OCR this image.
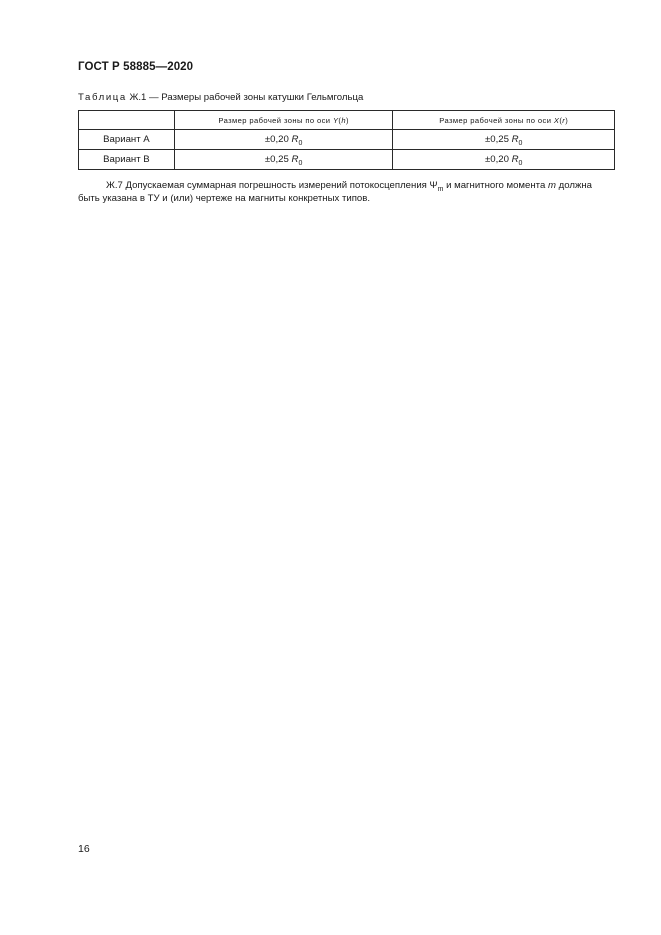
ГОСТ Р 58885—2020
Таблица Ж.1 — Размеры рабочей зоны катушки Гельмгольца
	Размер рабочей зоны по оси Y(h)	Размер рабочей зоны по оси X(r)
Вариант А	±0,20 $R_0$	±0,25 $R_0$
Вариант В	±0,25 $R_0$	±0,20 $R_0$
Ж.7 Допускаемая суммарная погрешность измерений потокосцепления $\Psi_m$ и магнитного момента m должна
быть указана в ТУ и (или) чертеже на магниты конкретных типов.
16
